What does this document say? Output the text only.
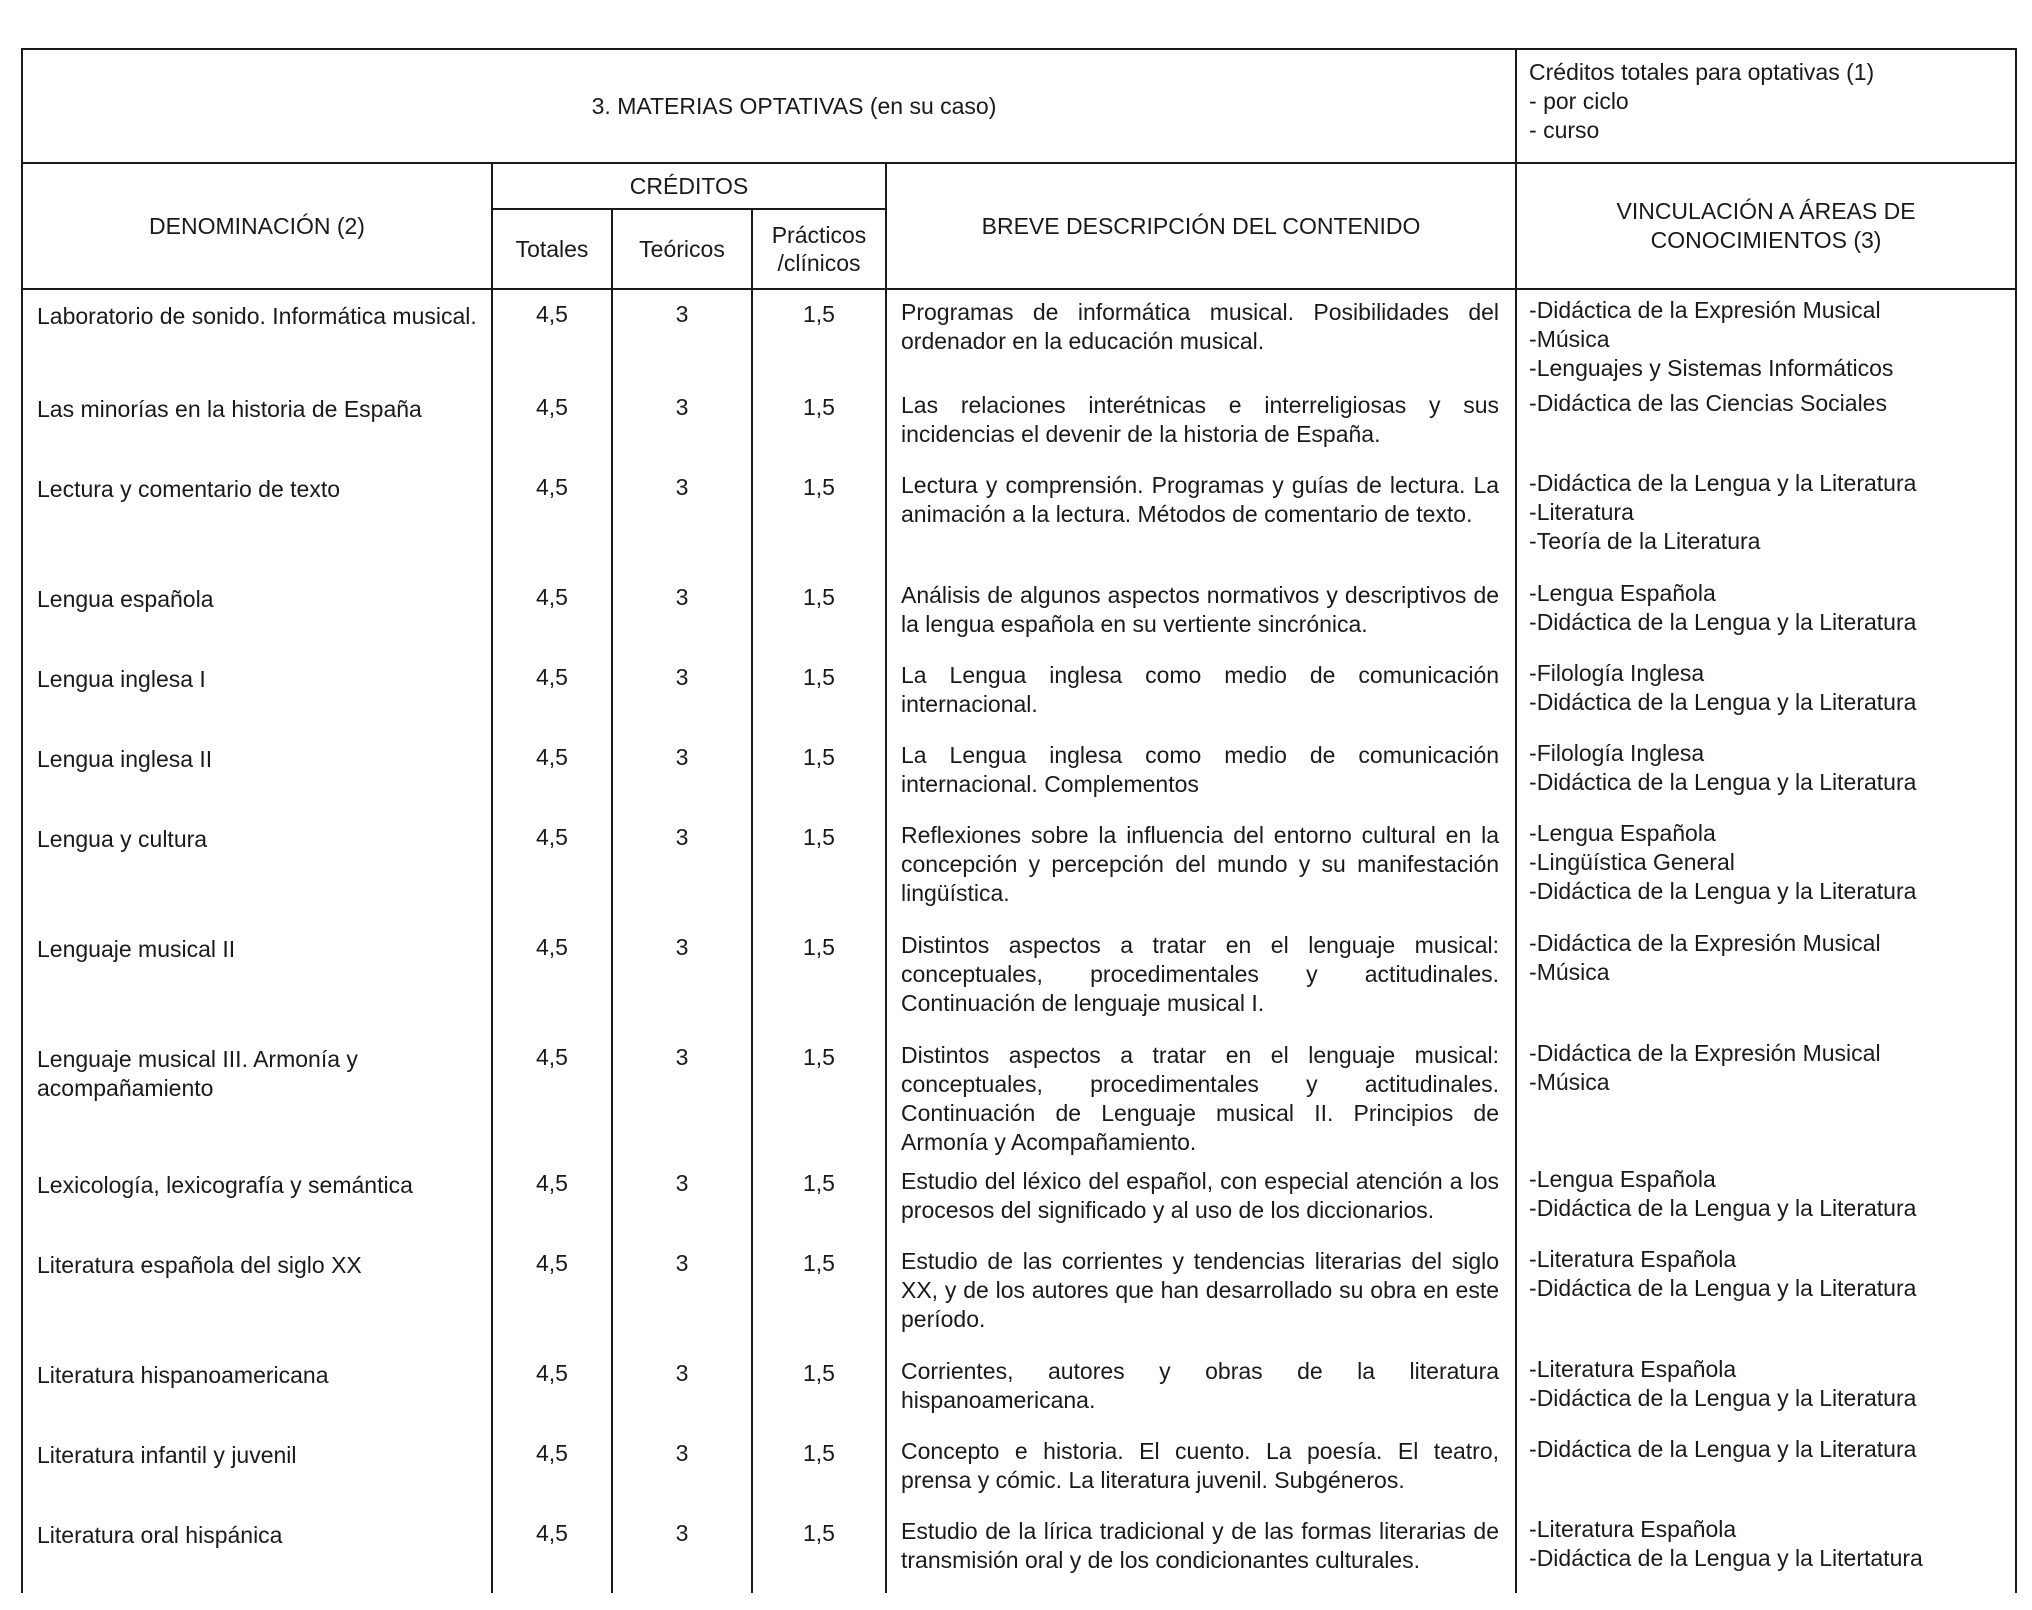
3. MATERIAS OPTATIVAS (en su caso)					Créditos totales para optativas (1)
- por ciclo
- curso

DENOMINACIÓN (2)	CRÉDITOS			BREVE DESCRIPCIÓN DEL CONTENIDO	VINCULACIÓN A ÁREAS DE CONOCIMIENTOS (3)
	Totales	Teóricos	Prácticos /clínicos		
Laboratorio de sonido. Informática musical.	4,5	3	1,5	Programas de informática musical. Posibilidades del ordenador en la educación musical.	-Didáctica de la Expresión Musical
-Música
-Lenguajes y Sistemas Informáticos

Las minorías en la historia de España	4,5	3	1,5	Las relaciones interétnicas e interreligiosas y sus incidencias el devenir de la historia de España.	-Didáctica de las Ciencias Sociales

Lectura y comentario de texto	4,5	3	1,5	Lectura y comprensión. Programas y guías de lectura. La animación a la lectura. Métodos de comentario de texto.	-Didáctica de la Lengua y la Literatura
-Literatura
-Teoría de la Literatura

Lengua española	4,5	3	1,5	Análisis de algunos aspectos normativos y descriptivos de la lengua española en su vertiente sincrónica.	-Lengua Española
-Didáctica de la Lengua y la Literatura

Lengua inglesa I	4,5	3	1,5	La Lengua inglesa como medio de comunicación internacional.	-Filología Inglesa
-Didáctica de la Lengua y la Literatura

Lengua inglesa II	4,5	3	1,5	La Lengua inglesa como medio de comunicación internacional. Complementos	-Filología Inglesa
-Didáctica de la Lengua y la Literatura

Lengua y cultura	4,5	3	1,5	Reflexiones sobre la influencia del entorno cultural en la concepción y percepción del mundo y su manifestación lingüística.	-Lengua Española
-Lingüística General
-Didáctica de la Lengua y la Literatura

Lenguaje musical II	4,5	3	1,5	Distintos aspectos a tratar en el lenguaje musical: conceptuales, procedimentales y actitudinales. Continuación de lenguaje musical I.	-Didáctica de la Expresión Musical
-Música

Lenguaje musical III. Armonía y acompañamiento	4,5	3	1,5	Distintos aspectos a tratar en el lenguaje musical: conceptuales, procedimentales y actitudinales. Continuación de Lenguaje musical II. Principios de Armonía y Acompañamiento.	-Didáctica de la Expresión Musical
-Música

Lexicología, lexicografía y semántica	4,5	3	1,5	Estudio del léxico del español, con especial atención a los procesos del significado y al uso de los diccionarios.	-Lengua Española
-Didáctica de la Lengua y la Literatura

Literatura española del siglo XX	4,5	3	1,5	Estudio de las corrientes y tendencias literarias del siglo XX, y de los autores que han desarrollado su obra en este período.	-Literatura Española
-Didáctica de la Lengua y la Literatura

Literatura hispanoamericana	4,5	3	1,5	Corrientes, autores y obras de la literatura hispanoamericana.	-Literatura Española
-Didáctica de la Lengua y la Literatura

Literatura infantil y juvenil	4,5	3	1,5	Concepto e historia. El cuento. La poesía. El teatro, prensa y cómic. La literatura juvenil. Subgéneros.	-Didáctica de la Lengua y la Literatura

Literatura oral hispánica	4,5	3	1,5	Estudio de la lírica tradicional y de las formas literarias de transmisión oral y de los condicionantes culturales.	-Literatura Española
-Didáctica de la Lengua y la Litertatura
